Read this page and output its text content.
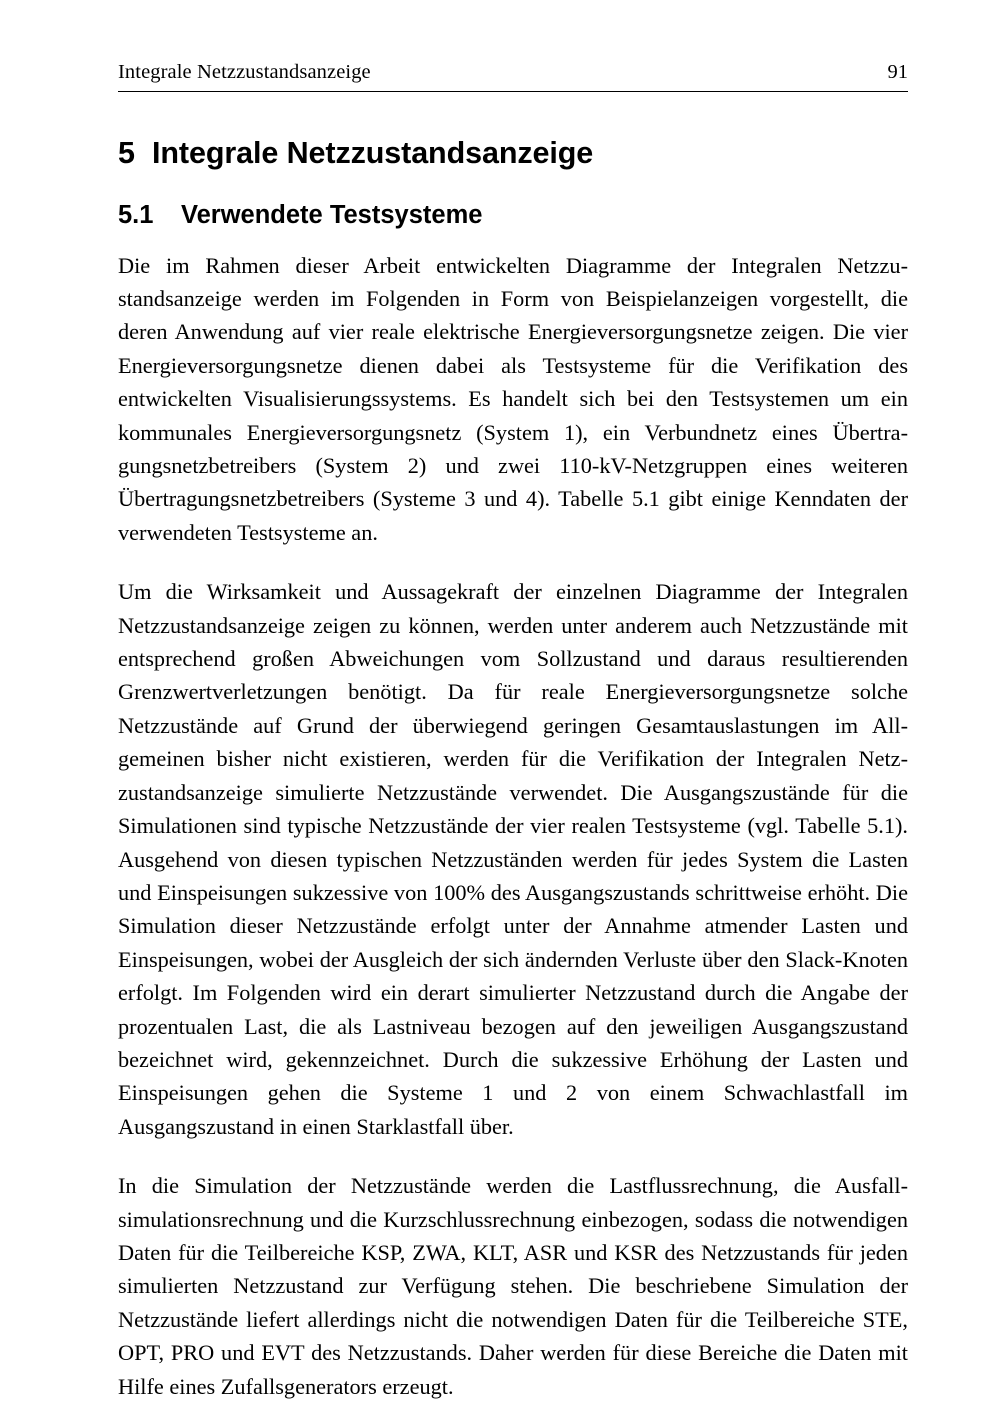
Integrale Netzzustandsanzeige	91
5 Integrale Netzzustandsanzeige
5.1 Verwendete Testsysteme

Die im Rahmen dieser Arbeit entwickelten Diagramme der Integralen Netzzustandsanzeige werden im Folgenden in Form von Beispielanzeigen vorgestellt, die deren Anwendung auf vier reale elektrische Energieversorgungsnetze zeigen. Die vier Energieversorgungsnetze dienen dabei als Testsysteme für die Verifikation des entwickelten Visualisierungssystems. Es handelt sich bei den Testsystemen um ein kommunales Energieversorgungsnetz (System 1), ein Verbundnetz eines Übertragungsnetzbetreibers (System 2) und zwei 110-kV-Netzgruppen eines weiteren Übertragungsnetzbetreibers (Systeme 3 und 4). Tabelle 5.1 gibt einige Kenndaten der verwendeten Testsysteme an.

Um die Wirksamkeit und Aussagekraft der einzelnen Diagramme der Integralen Netzzustandsanzeige zeigen zu können, werden unter anderem auch Netzzustände mit entsprechend großen Abweichungen vom Sollzustand und daraus resultierenden Grenzwertverletzungen benötigt. Da für reale Energieversorgungsnetze solche Netzzustände auf Grund der überwiegend geringen Gesamtauslastungen im Allgemeinen bisher nicht existieren, werden für die Verifikation der Integralen Netzzustandsanzeige simulierte Netzzustände verwendet. Die Ausgangszustände für die Simulationen sind typische Netzzustände der vier realen Testsysteme (vgl. Tabelle 5.1). Ausgehend von diesen typischen Netzzuständen werden für jedes System die Lasten und Einspeisungen sukzessive von 100% des Ausgangszustands schrittweise erhöht. Die Simulation dieser Netzzustände erfolgt unter der Annahme atmender Lasten und Einspeisungen, wobei der Ausgleich der sich ändernden Verluste über den Slack-Knoten erfolgt. Im Folgenden wird ein derart simulierter Netzzustand durch die Angabe der prozentualen Last, die als Lastniveau bezogen auf den jeweiligen Ausgangszustand bezeichnet wird, gekennzeichnet. Durch die sukzessive Erhöhung der Lasten und Einspeisungen gehen die Systeme 1 und 2 von einem Schwachlastfall im Ausgangszustand in einen Starklastfall über.

In die Simulation der Netzzustände werden die Lastflussrechnung, die Ausfallsimulationsrechnung und die Kurzschlussrechnung einbezogen, sodass die notwendigen Daten für die Teilbereiche KSP, ZWA, KLT, ASR und KSR des Netzzustands für jeden simulierten Netzzustand zur Verfügung stehen. Die beschriebene Simulation der Netzzustände liefert allerdings nicht die notwendigen Daten für die Teilbereiche STE, OPT, PRO und EVT des Netzzustands. Daher werden für diese Bereiche die Daten mit Hilfe eines Zufallsgenerators erzeugt.
